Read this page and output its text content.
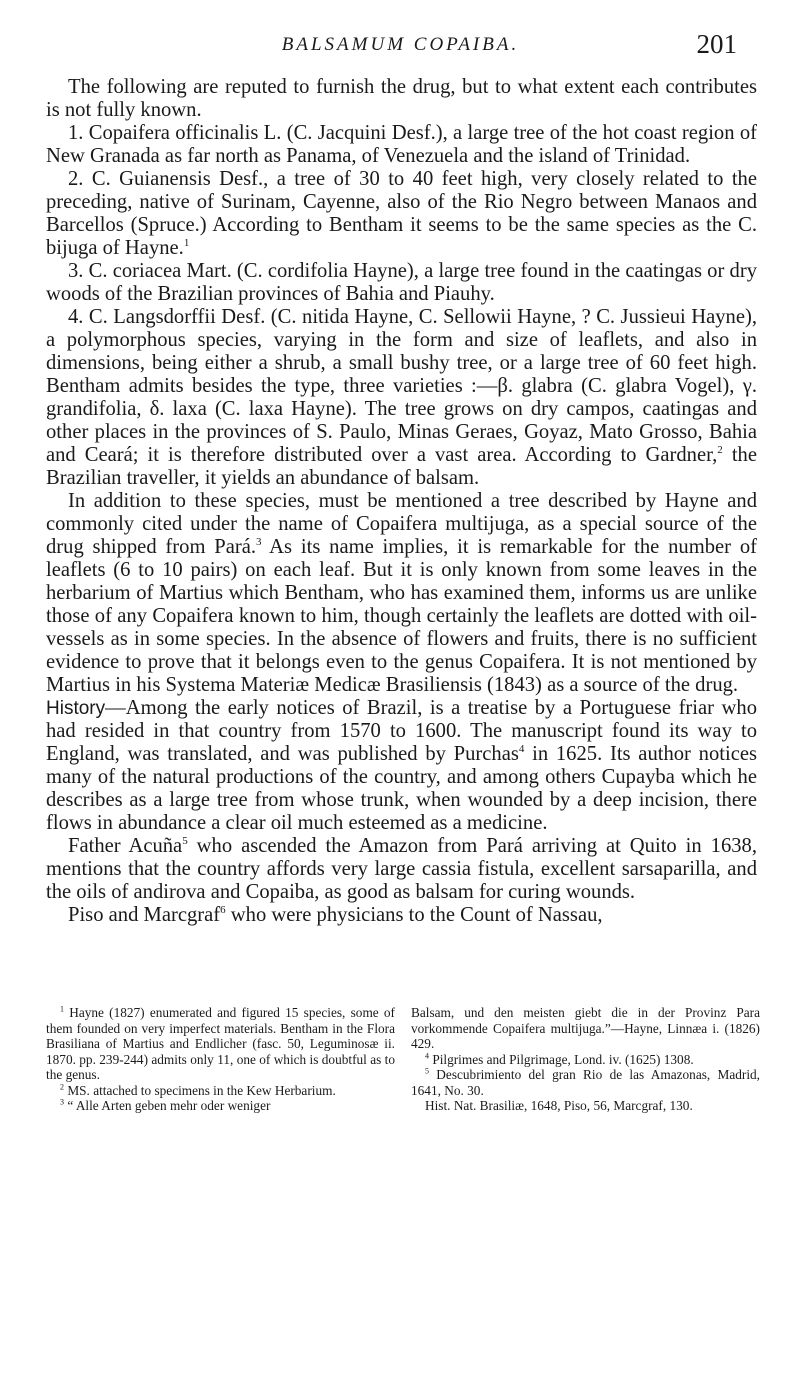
BALSAMUM COPAIBA.	201

The following are reputed to furnish the drug, but to what extent each contributes is not fully known.

1. Copaifera officinalis L. (C. Jacquini Desf.), a large tree of the hot coast region of New Granada as far north as Panama, of Venezuela and the island of Trinidad.

2. C. Guianensis Desf., a tree of 30 to 40 feet high, very closely related to the preceding, native of Surinam, Cayenne, also of the Rio Negro between Manaos and Barcellos (Spruce.) According to Bentham it seems to be the same species as the C. bijuga of Hayne.$^1$

3. C. coriacea Mart. (C. cordifolia Hayne), a large tree found in the caatingas or dry woods of the Brazilian provinces of Bahia and Piauhy.

4. C. Langsdorffii Desf. (C. nitida Hayne, C. Sellowii Hayne, ? C. Jussieui Hayne), a polymorphous species, varying in the form and size of leaflets, and also in dimensions, being either a shrub, a small bushy tree, or a large tree of 60 feet high. Bentham admits besides the type, three varieties :—β. glabra (C. glabra Vogel), γ. grandifolia, δ. laxa (C. laxa Hayne). The tree grows on dry campos, caatingas and other places in the provinces of S. Paulo, Minas Geraes, Goyaz, Mato Grosso, Bahia and Ceará; it is therefore distributed over a vast area. According to Gardner,$^2$ the Brazilian traveller, it yields an abundance of balsam.

In addition to these species, must be mentioned a tree described by Hayne and commonly cited under the name of Copaifera multijuga, as a special source of the drug shipped from Pará.$^3$ As its name implies, it is remarkable for the number of leaflets (6 to 10 pairs) on each leaf. But it is only known from some leaves in the herbarium of Martius which Bentham, who has examined them, informs us are unlike those of any Copaifera known to him, though certainly the leaflets are dotted with oil-vessels as in some species. In the absence of flowers and fruits, there is no sufficient evidence to prove that it belongs even to the genus Copaifera. It is not mentioned by Martius in his Systema Materiæ Medicæ Brasiliensis (1843) as a source of the drug.

History—Among the early notices of Brazil, is a treatise by a Portuguese friar who had resided in that country from 1570 to 1600. The manuscript found its way to England, was translated, and was published by Purchas$^4$ in 1625. Its author notices many of the natural productions of the country, and among others Cupayba which he describes as a large tree from whose trunk, when wounded by a deep incision, there flows in abundance a clear oil much esteemed as a medicine.

Father Acuña$^5$ who ascended the Amazon from Pará arriving at Quito in 1638, mentions that the country affords very large cassia fistula, excellent sarsaparilla, and the oils of andirova and Copaiba, as good as balsam for curing wounds.

Piso and Marcgraf$^6$ who were physicians to the Count of Nassau,

$^1$ Hayne (1827) enumerated and figured 15 species, some of them founded on very imperfect materials. Bentham in the Flora Brasiliana of Martius and Endlicher (fasc. 50, Leguminosæ ii. 1870. pp. 239-244) admits only 11, one of which is doubtful as to the genus.

$^2$ MS. attached to specimens in the Kew Herbarium.

$^3$ “ Alle Arten geben mehr oder weniger

Balsam, und den meisten giebt die in der Provinz Para vorkommende Copaifera multijuga.”—Hayne, Linnæa i. (1826) 429.

$^4$ Pilgrimes and Pilgrimage, Lond. iv. (1625) 1308.

$^5$ Descubrimiento del gran Rio de las Amazonas, Madrid, 1641, No. 30.

Hist. Nat. Brasiliæ, 1648, Piso, 56, Marcgraf, 130.
